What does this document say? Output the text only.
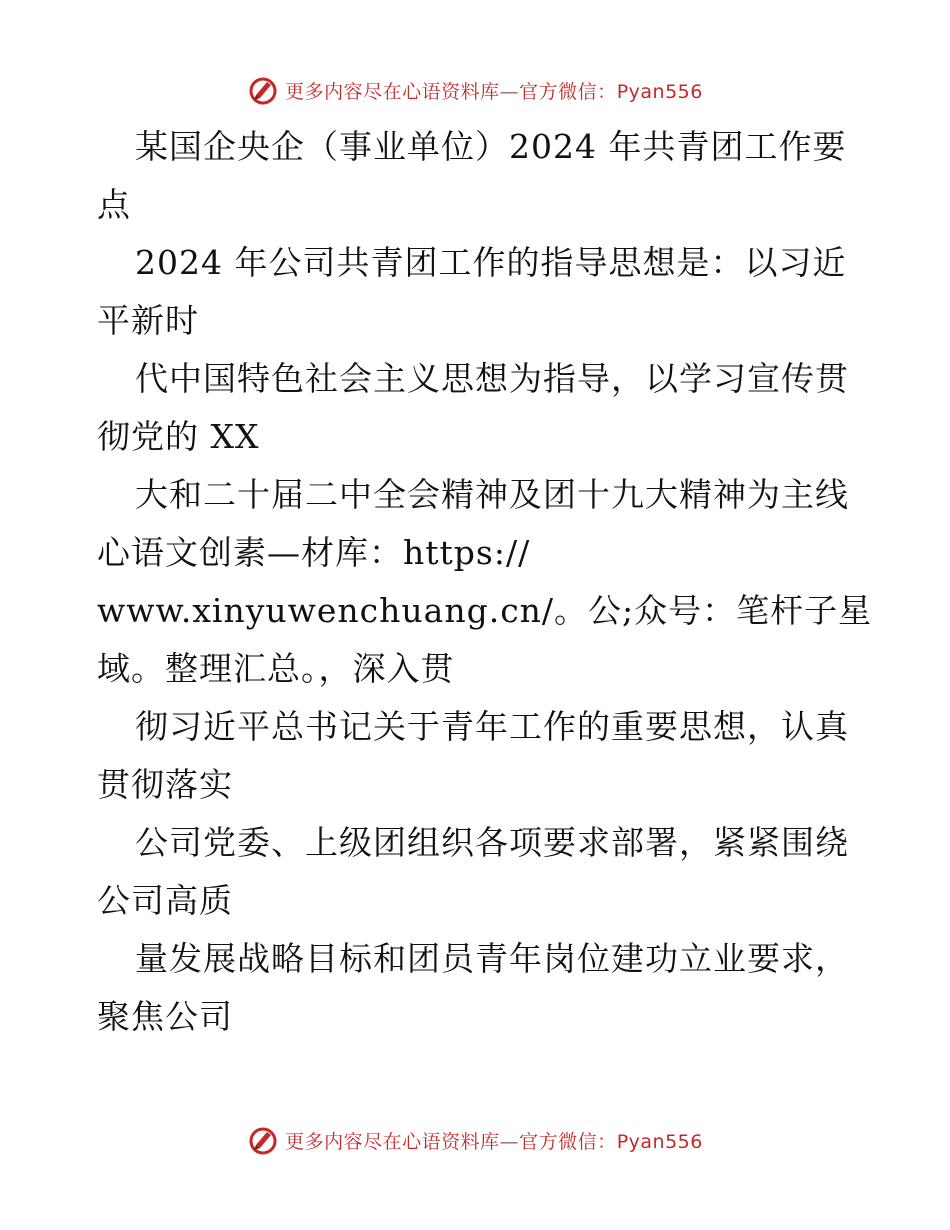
更多内容尽在心语资料库—官方微信：Pyan556
某国企央企（事业单位）2024 年共青团工作要
点
2024 年公司共青团工作的指导思想是：以习近
平新时
代中国特色社会主义思想为指导，以学习宣传贯
彻党的 XX
大和二十届二中全会精神及团十九大精神为主线
心语文创素—材库：https://
www.xinyuwenchuang.cn/。公;众号：笔杆子星
域。整理汇总。，深入贯
彻习近平总书记关于青年工作的重要思想，认真
贯彻落实
公司党委、上级团组织各项要求部署，紧紧围绕
公司高质
量发展战略目标和团员青年岗位建功立业要求，
聚焦公司
更多内容尽在心语资料库—官方微信：Pyan556
